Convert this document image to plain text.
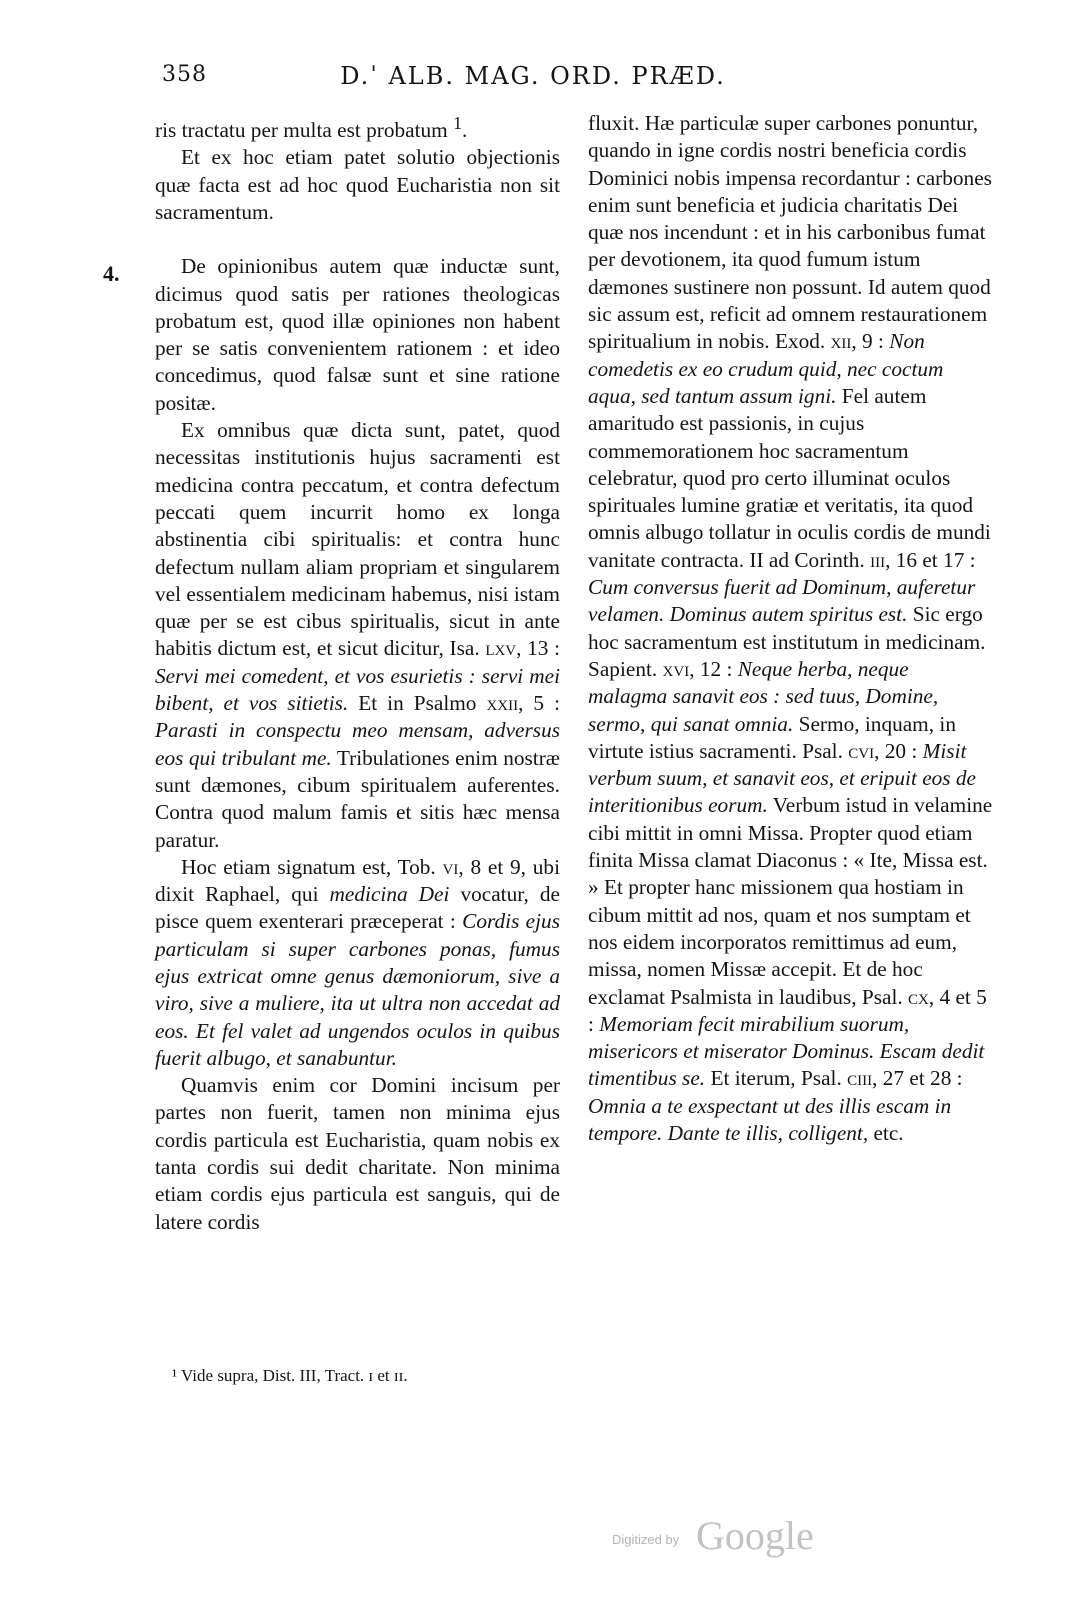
358	D.ˈ ALB. MAG. ORD. PRÆD.
4.

ris tractatu per multa est probatum $^1$.

Et ex hoc etiam patet solutio objectionis quæ facta est ad hoc quod Eucharistia non sit sacramentum.

De opinionibus autem quæ inductæ sunt, dicimus quod satis per rationes theologicas probatum est, quod illæ opiniones non habent per se satis convenientem rationem : et ideo concedimus, quod falsæ sunt et sine ratione positæ.

Ex omnibus quæ dicta sunt, patet, quod necessitas institutionis hujus sacramenti est medicina contra peccatum, et contra defectum peccati quem incurrit homo ex longa abstinentia cibi spiritualis: et contra hunc defectum nullam aliam propriam et singularem vel essentialem medicinam habemus, nisi istam quæ per se est cibus spiritualis, sicut in ante habitis dictum est, et sicut dicitur, Isa. lxv, 13 : Servi mei comedent, et vos esurietis : servi mei bibent, et vos sitietis. Et in Psalmo xxii, 5 : Parasti in conspectu meo mensam, adversus eos qui tribulant me. Tribulationes enim nostræ sunt dæmones, cibum spiritualem auferentes. Contra quod malum famis et sitis hæc mensa paratur.

Hoc etiam signatum est, Tob. vi, 8 et 9, ubi dixit Raphael, qui medicina Dei vocatur, de pisce quem exenterari præceperat : Cordis ejus particulam si super carbones ponas, fumus ejus extricat omne genus dæmoniorum, sive a viro, sive a muliere, ita ut ultra non accedat ad eos. Et fel valet ad ungendos oculos in quibus fuerit albugo, et sanabuntur.

Quamvis enim cor Domini incisum per partes non fuerit, tamen non minima ejus cordis particula est Eucharistia, quam nobis ex tanta cordis sui dedit charitate. Non minima etiam cordis ejus particula est sanguis, qui de latere cordis

fluxit. Hæ particulæ super carbones ponuntur, quando in igne cordis nostri beneficia cordis Dominici nobis impensa recordantur : carbones enim sunt beneficia et judicia charitatis Dei quæ nos incendunt : et in his carbonibus fumat per devotionem, ita quod fumum istum dæmones sustinere non possunt. Id autem quod sic assum est, reficit ad omnem restaurationem spiritualium in nobis. Exod. xii, 9 : Non comedetis ex eo crudum quid, nec coctum aqua, sed tantum assum igni. Fel autem amaritudo est passionis, in cujus commemorationem hoc sacramentum celebratur, quod pro certo illuminat oculos spirituales lumine gratiæ et veritatis, ita quod omnis albugo tollatur in oculis cordis de mundi vanitate contracta. II ad Corinth. iii, 16 et 17 : Cum conversus fuerit ad Dominum, auferetur velamen. Dominus autem spiritus est. Sic ergo hoc sacramentum est institutum in medicinam. Sapient. xvi, 12 : Neque herba, neque malagma sanavit eos : sed tuus, Domine, sermo, qui sanat omnia. Sermo, inquam, in virtute istius sacramenti. Psal. cvi, 20 : Misit verbum suum, et sanavit eos, et eripuit eos de interitionibus eorum. Verbum istud in velamine cibi mittit in omni Missa. Propter quod etiam finita Missa clamat Diaconus : « Ite, Missa est. » Et propter hanc missionem qua hostiam in cibum mittit ad nos, quam et nos sumptam et nos eidem incorporatos remittimus ad eum, missa, nomen Missæ accepit. Et de hoc exclamat Psalmista in laudibus, Psal. cx, 4 et 5 : Memoriam fecit mirabilium suorum, misericors et miserator Dominus. Escam dedit timentibus se. Et iterum, Psal. ciii, 27 et 28 : Omnia a te exspectant ut des illis escam in tempore. Dante te illis, colligent, etc.

¹ Vide supra, Dist. III, Tract. ɪ et ɪɪ.
Digitized by Google
